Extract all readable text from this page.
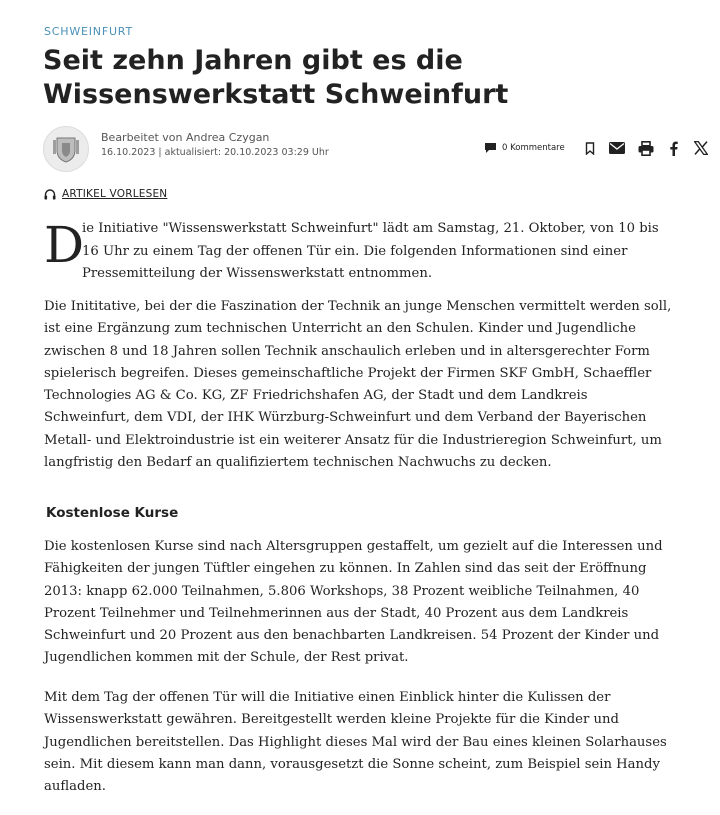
SCHWEINFURT
Seit zehn Jahren gibt es die Wissenswerkstatt Schweinfurt
Bearbeitet von Andrea Czygan
16.10.2023 | aktualisiert: 20.10.2023 03:29 Uhr	0 Kommentare
ARTIKEL VORLESEN
D

ie Initiative "Wissenswerkstatt Schweinfurt" lädt am Samstag, 21. Oktober, von 10 bis 16 Uhr zu einem Tag der offenen Tür ein. Die folgenden Informationen sind einer Pressemitteilung der Wissenswerkstatt entnommen.

Die Inititative, bei der die Faszination der Technik an junge Menschen vermittelt werden soll, ist eine Ergänzung zum technischen Unterricht an den Schulen. Kinder und Jugendliche zwischen 8 und 18 Jahren sollen Technik anschaulich erleben und in altersgerechter Form spielerisch begreifen. Dieses gemeinschaftliche Projekt der Firmen SKF GmbH, Schaeffler Technologies AG & Co. KG, ZF Friedrichshafen AG, der Stadt und dem Landkreis Schweinfurt, dem VDI, der IHK Würzburg-Schweinfurt und dem Verband der Bayerischen Metall- und Elektroindustrie ist ein weiterer Ansatz für die Industrieregion Schweinfurt, um langfristig den Bedarf an qualifiziertem technischen Nachwuchs zu decken.

Kostenlose Kurse

Die kostenlosen Kurse sind nach Altersgruppen gestaffelt, um gezielt auf die Interessen und Fähigkeiten der jungen Tüftler eingehen zu können. In Zahlen sind das seit der Eröffnung 2013: knapp 62.000 Teilnahmen, 5.806 Workshops, 38 Prozent weibliche Teilnahmen, 40 Prozent Teilnehmer und Teilnehmerinnen aus der Stadt, 40 Prozent aus dem Landkreis Schweinfurt und 20 Prozent aus den benachbarten Landkreisen. 54 Prozent der Kinder und Jugendlichen kommen mit der Schule, der Rest privat.

Mit dem Tag der offenen Tür will die Initiative einen Einblick hinter die Kulissen der Wissenswerkstatt gewähren. Bereitgestellt werden kleine Projekte für die Kinder und Jugendlichen bereitstellen. Das Highlight dieses Mal wird der Bau eines kleinen Solarhauses sein. Mit diesem kann man dann, vorausgesetzt die Sonne scheint, zum Beispiel sein Handy aufladen.
